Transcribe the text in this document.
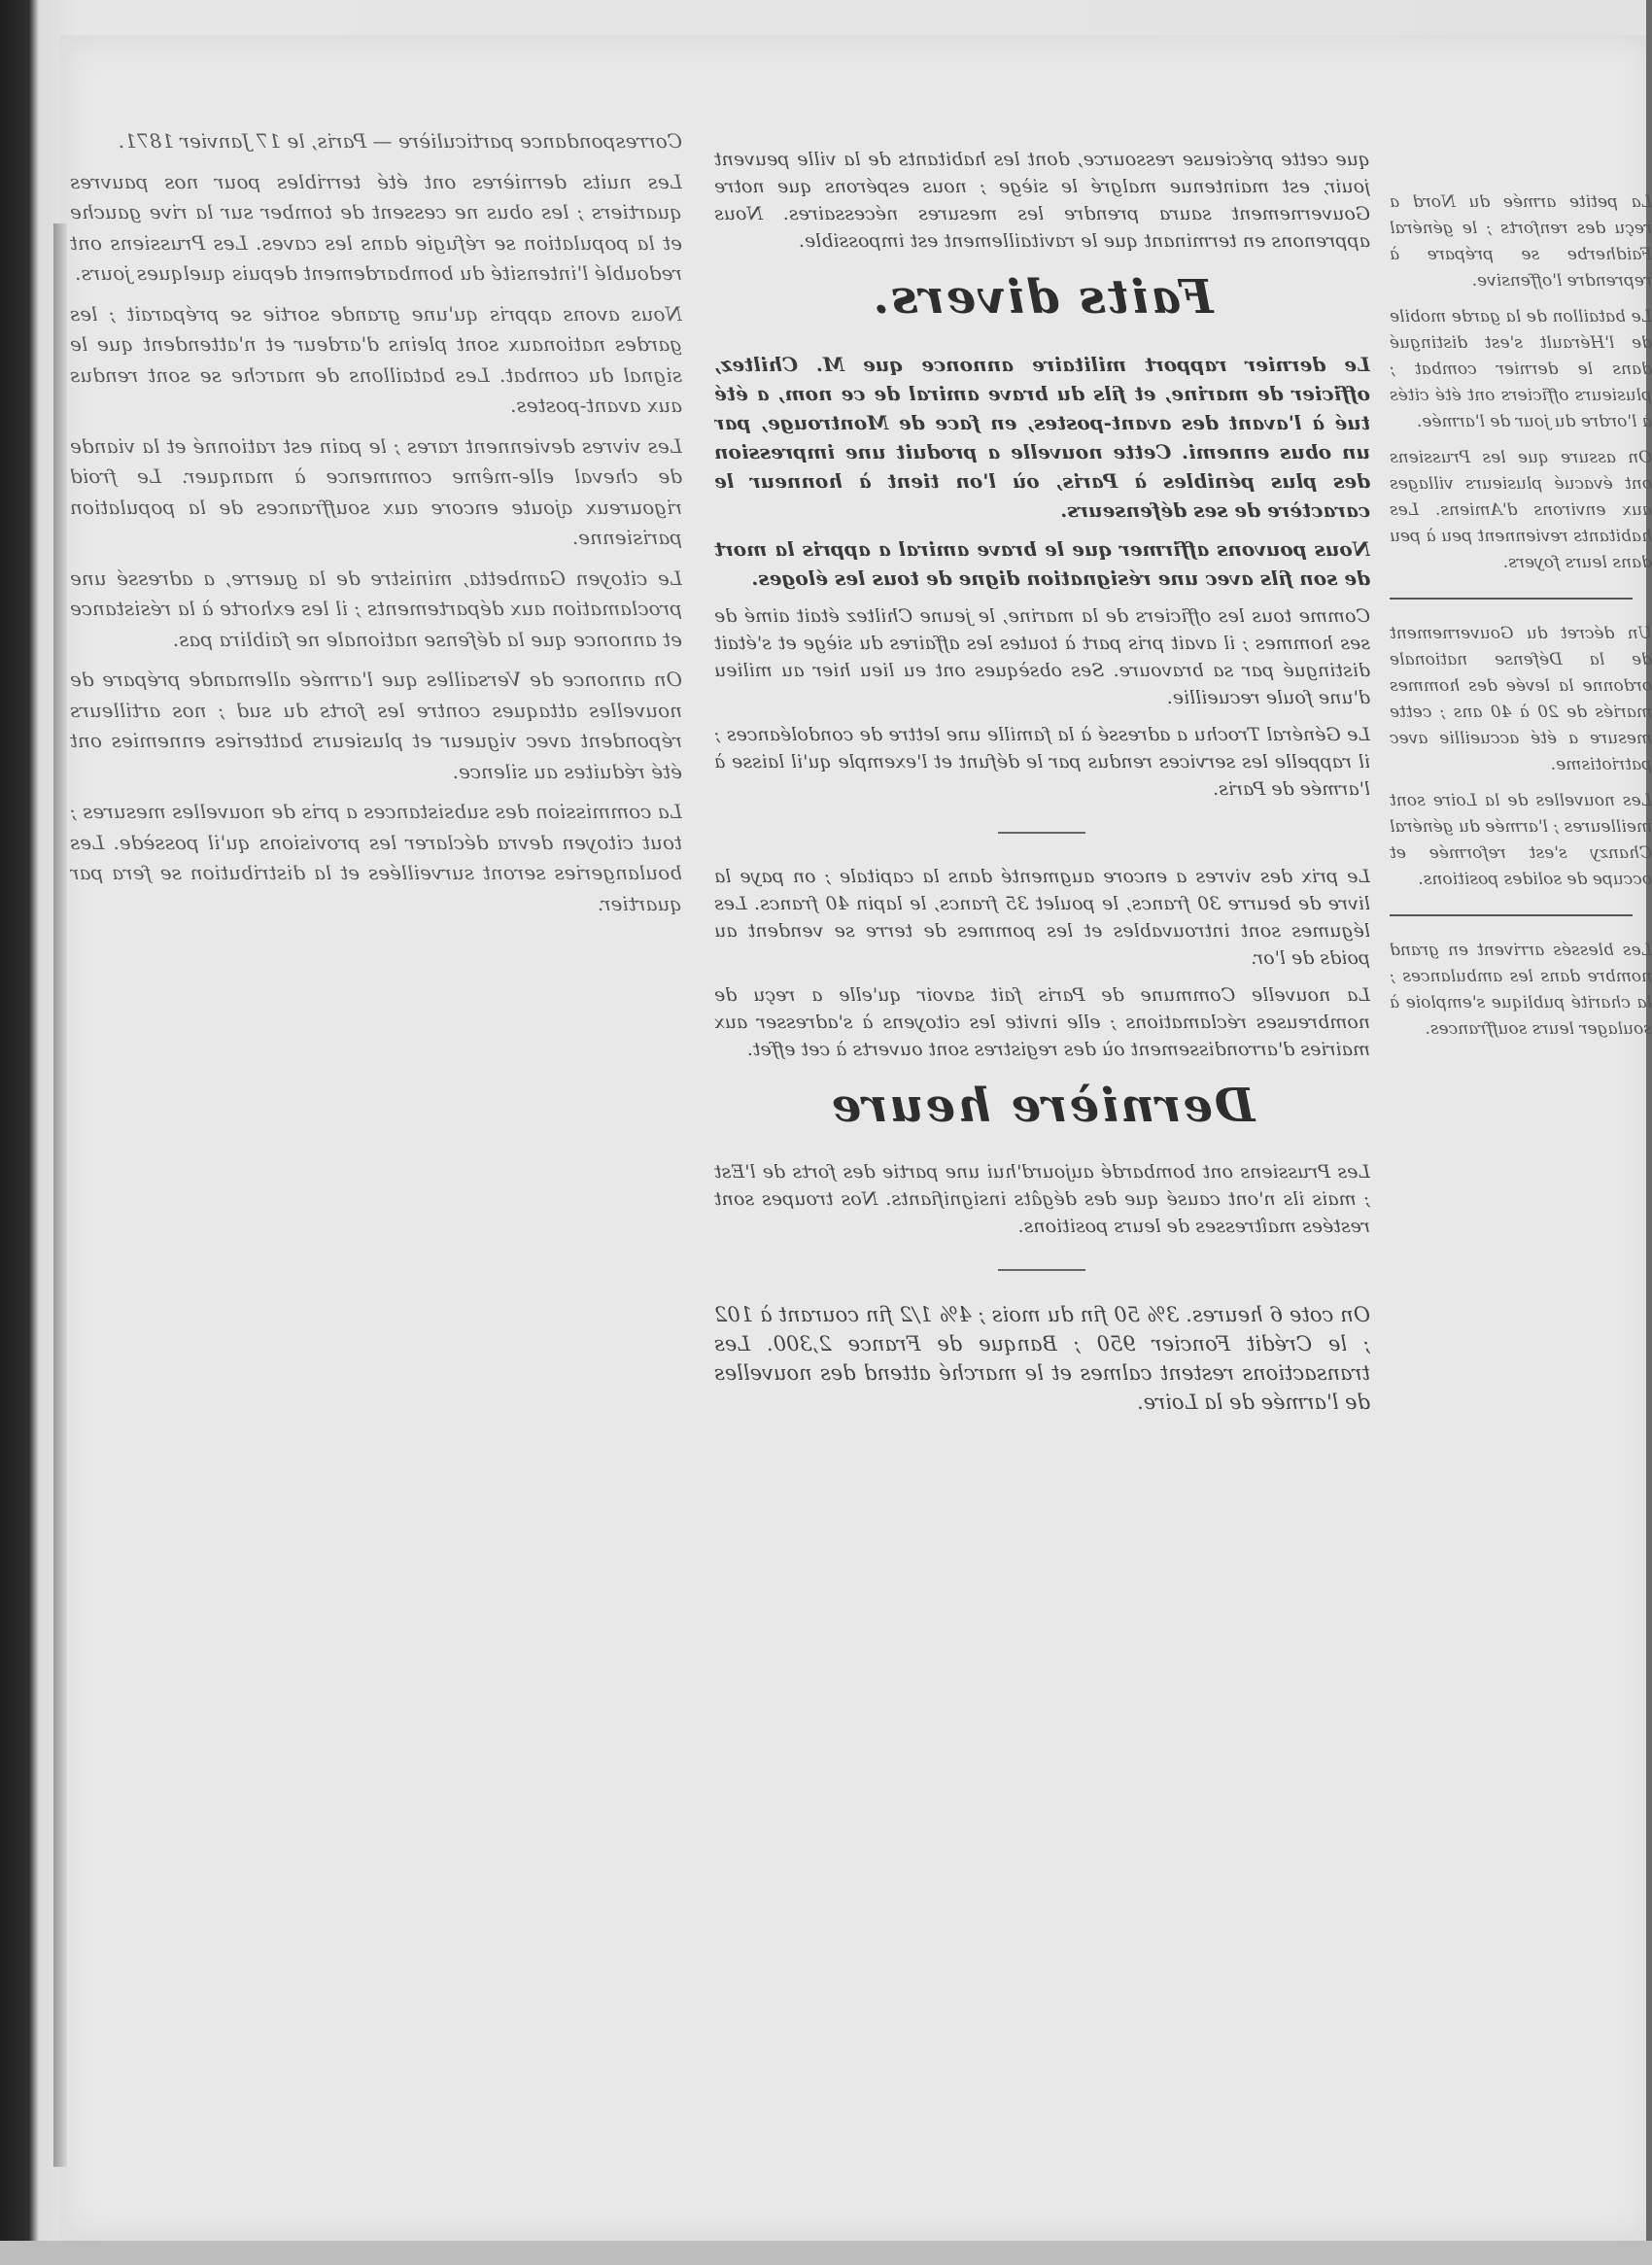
Correspondance particulière — Paris, le 17 Janvier 1871.

Les nuits dernières ont été terribles pour nos pauvres quartiers ; les obus ne cessent de tomber sur la rive gauche et la population se réfugie dans les caves. Les Prussiens ont redoublé l'intensité du bombardement depuis quelques jours.

Nous avons appris qu'une grande sortie se préparait ; les gardes nationaux sont pleins d'ardeur et n'attendent que le signal du combat. Les bataillons de marche se sont rendus aux avant-postes.

Les vivres deviennent rares ; le pain est rationné et la viande de cheval elle-même commence à manquer. Le froid rigoureux ajoute encore aux souffrances de la population parisienne.

Le citoyen Gambetta, ministre de la guerre, a adressé une proclamation aux départements ; il les exhorte à la résistance et annonce que la défense nationale ne faiblira pas.

On annonce de Versailles que l'armée allemande prépare de nouvelles attaques contre les forts du sud ; nos artilleurs répondent avec vigueur et plusieurs batteries ennemies ont été réduites au silence.

La commission des subsistances a pris de nouvelles mesures ; tout citoyen devra déclarer les provisions qu'il possède. Les boulangeries seront surveillées et la distribution se fera par quartier.

que cette précieuse ressource, dont les habitants de la ville peuvent jouir, est maintenue malgré le siège ; nous espérons que notre Gouvernement saura prendre les mesures nécessaires. Nous apprenons en terminant que le ravitaillement est impossible.

Faits divers.

Le dernier rapport militaire annonce que M. Chiltez, officier de marine, et fils du brave amiral de ce nom, a été tué à l'avant des avant-postes, en face de Montrouge, par un obus ennemi. Cette nouvelle a produit une impression des plus pénibles à Paris, où l'on tient à honneur le caractère de ses défenseurs.

Nous pouvons affirmer que le brave amiral a appris la mort de son fils avec une résignation digne de tous les éloges.

Comme tous les officiers de la marine, le jeune Chiltez était aimé de ses hommes ; il avait pris part à toutes les affaires du siège et s'était distingué par sa bravoure. Ses obsèques ont eu lieu hier au milieu d'une foule recueillie.

Le Général Trochu a adressé à la famille une lettre de condoléances ; il rappelle les services rendus par le défunt et l'exemple qu'il laisse à l'armée de Paris.

Le prix des vivres a encore augmenté dans la capitale ; on paye la livre de beurre 30 francs, le poulet 35 francs, le lapin 40 francs. Les légumes sont introuvables et les pommes de terre se vendent au poids de l'or.

La nouvelle Commune de Paris fait savoir qu'elle a reçu de nombreuses réclamations ; elle invite les citoyens à s'adresser aux mairies d'arrondissement où des registres sont ouverts à cet effet.

Dernière heure

Les Prussiens ont bombardé aujourd'hui une partie des forts de l'Est ; mais ils n'ont causé que des dégâts insignifiants. Nos troupes sont restées maîtresses de leurs positions.

On cote 6 heures. 3% 50 fin du mois ; 4% 1/2 fin courant à 102 ; le Crédit Foncier 950 ; Banque de France 2,300. Les transactions restent calmes et le marché attend des nouvelles de l'armée de la Loire.

La petite armée du Nord a reçu des renforts ; le général Faidherbe se prépare à reprendre l'offensive.

Le bataillon de la garde mobile de l'Hérault s'est distingué dans le dernier combat ; plusieurs officiers ont été cités à l'ordre du jour de l'armée.

On assure que les Prussiens ont évacué plusieurs villages aux environs d'Amiens. Les habitants reviennent peu à peu dans leurs foyers.

Un décret du Gouvernement de la Défense nationale ordonne la levée des hommes mariés de 20 à 40 ans ; cette mesure a été accueillie avec patriotisme.

Les nouvelles de la Loire sont meilleures ; l'armée du général Chanzy s'est reformée et occupe de solides positions.

Les blessés arrivent en grand nombre dans les ambulances ; la charité publique s'emploie à soulager leurs souffrances.
